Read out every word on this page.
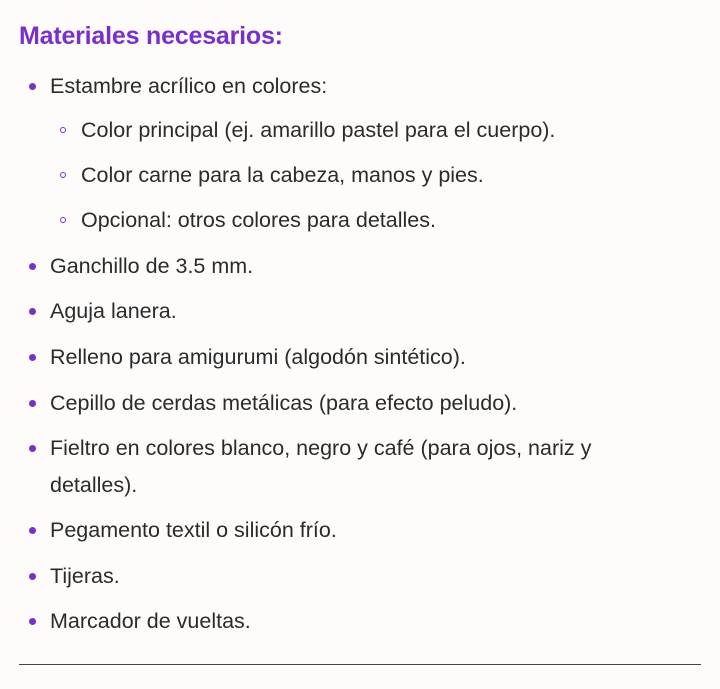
Materiales necesarios:
Estambre acrílico en colores:
Color principal (ej. amarillo pastel para el cuerpo).
Color carne para la cabeza, manos y pies.
Opcional: otros colores para detalles.
Ganchillo de 3.5 mm.
Aguja lanera.
Relleno para amigurumi (algodón sintético).
Cepillo de cerdas metálicas (para efecto peludo).
Fieltro en colores blanco, negro y café (para ojos, nariz y detalles).
Pegamento textil o silicón frío.
Tijeras.
Marcador de vueltas.
